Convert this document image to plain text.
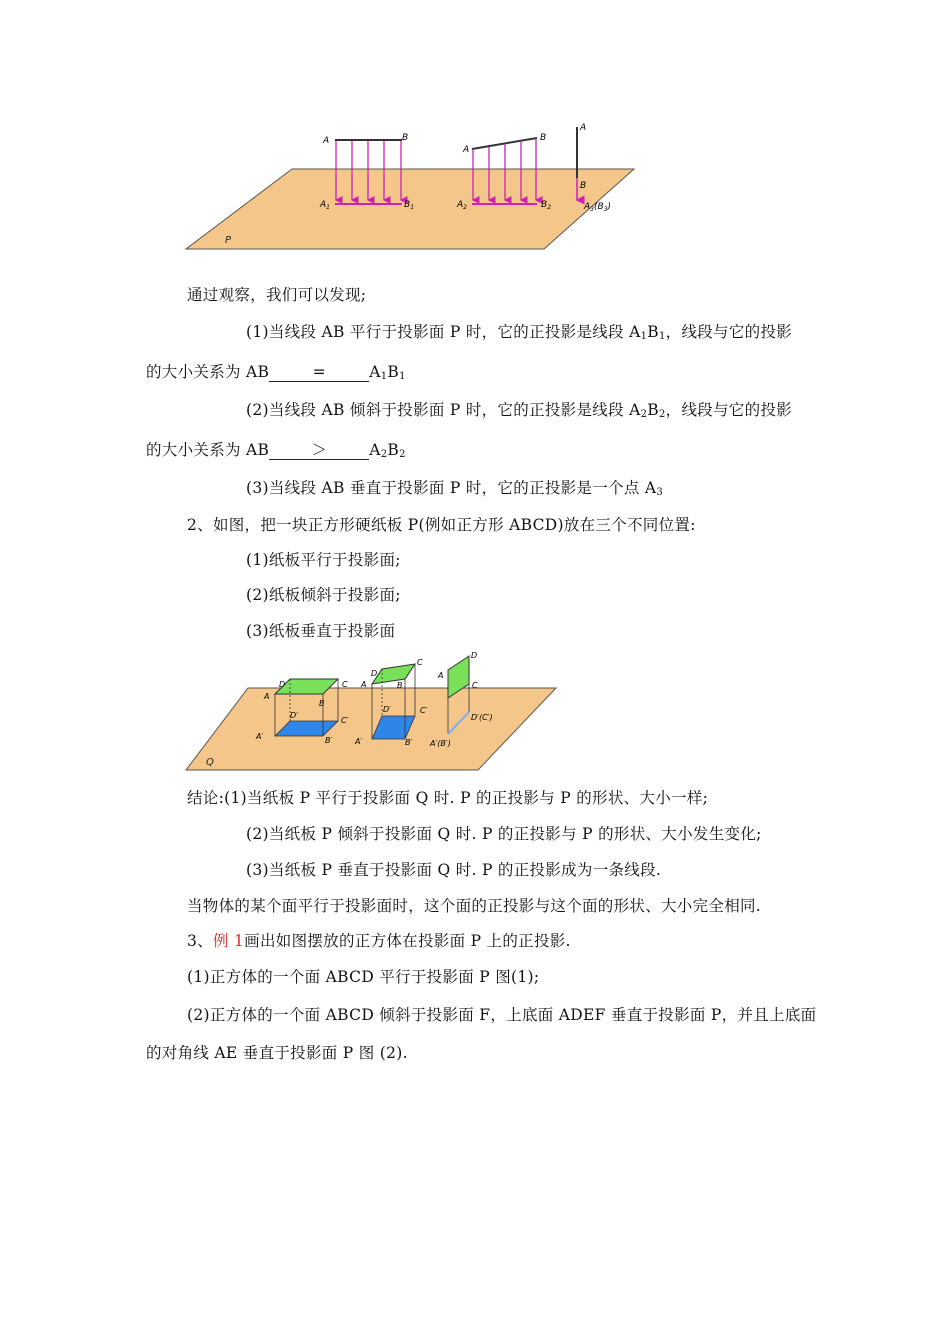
P
A	B
$A_1$	$B_1$
A
B
$A_2$	$B_2$
A
B
$A_3(B_3)$
通过观察，我们可以发现;
(1)当线段 AB 平行于投影面 P 时，它的正投影是线段 $A_1B_1$，线段与它的投影
的大小关系为 AB	=	$A_1B_1$
(2)当线段 AB 倾斜于投影面 P 时，它的正投影是线段 $A_2B_2$，线段与它的投影
的大小关系为 AB	＞	$A_2B_2$
(3)当线段 AB 垂直于投影面 P 时，它的正投影是一个点 $A_3$
2、如图，把一块正方形硬纸板 P(例如正方形 ABCD)放在三个不同位置:
(1)纸板平行于投影面;
(2)纸板倾斜于投影面;
(3)纸板垂直于投影面
Q
D	C
A
B
D′
C′
A′	B′
D
C
A	B
D′	C′
A′	B′
D
A
C
D′(C′)
A′(B′)
结论:(1)当纸板 P 平行于投影面 Q 时. P 的正投影与 P 的形状、大小一样;
(2)当纸板 P 倾斜于投影面 Q 时. P 的正投影与 P 的形状、大小发生变化;
(3)当纸板 P 垂直于投影面 Q 时. P 的正投影成为一条线段.
当物体的某个面平行于投影面时，这个面的正投影与这个面的形状、大小完全相同.
3、例 1画出如图摆放的正方体在投影面 P 上的正投影.
(1)正方体的一个面 ABCD 平行于投影面 P 图(1);
(2)正方体的一个面 ABCD 倾斜于投影面 F，上底面 ADEF 垂直于投影面 P，并且上底面
的对角线 AE 垂直于投影面 P 图 (2).
